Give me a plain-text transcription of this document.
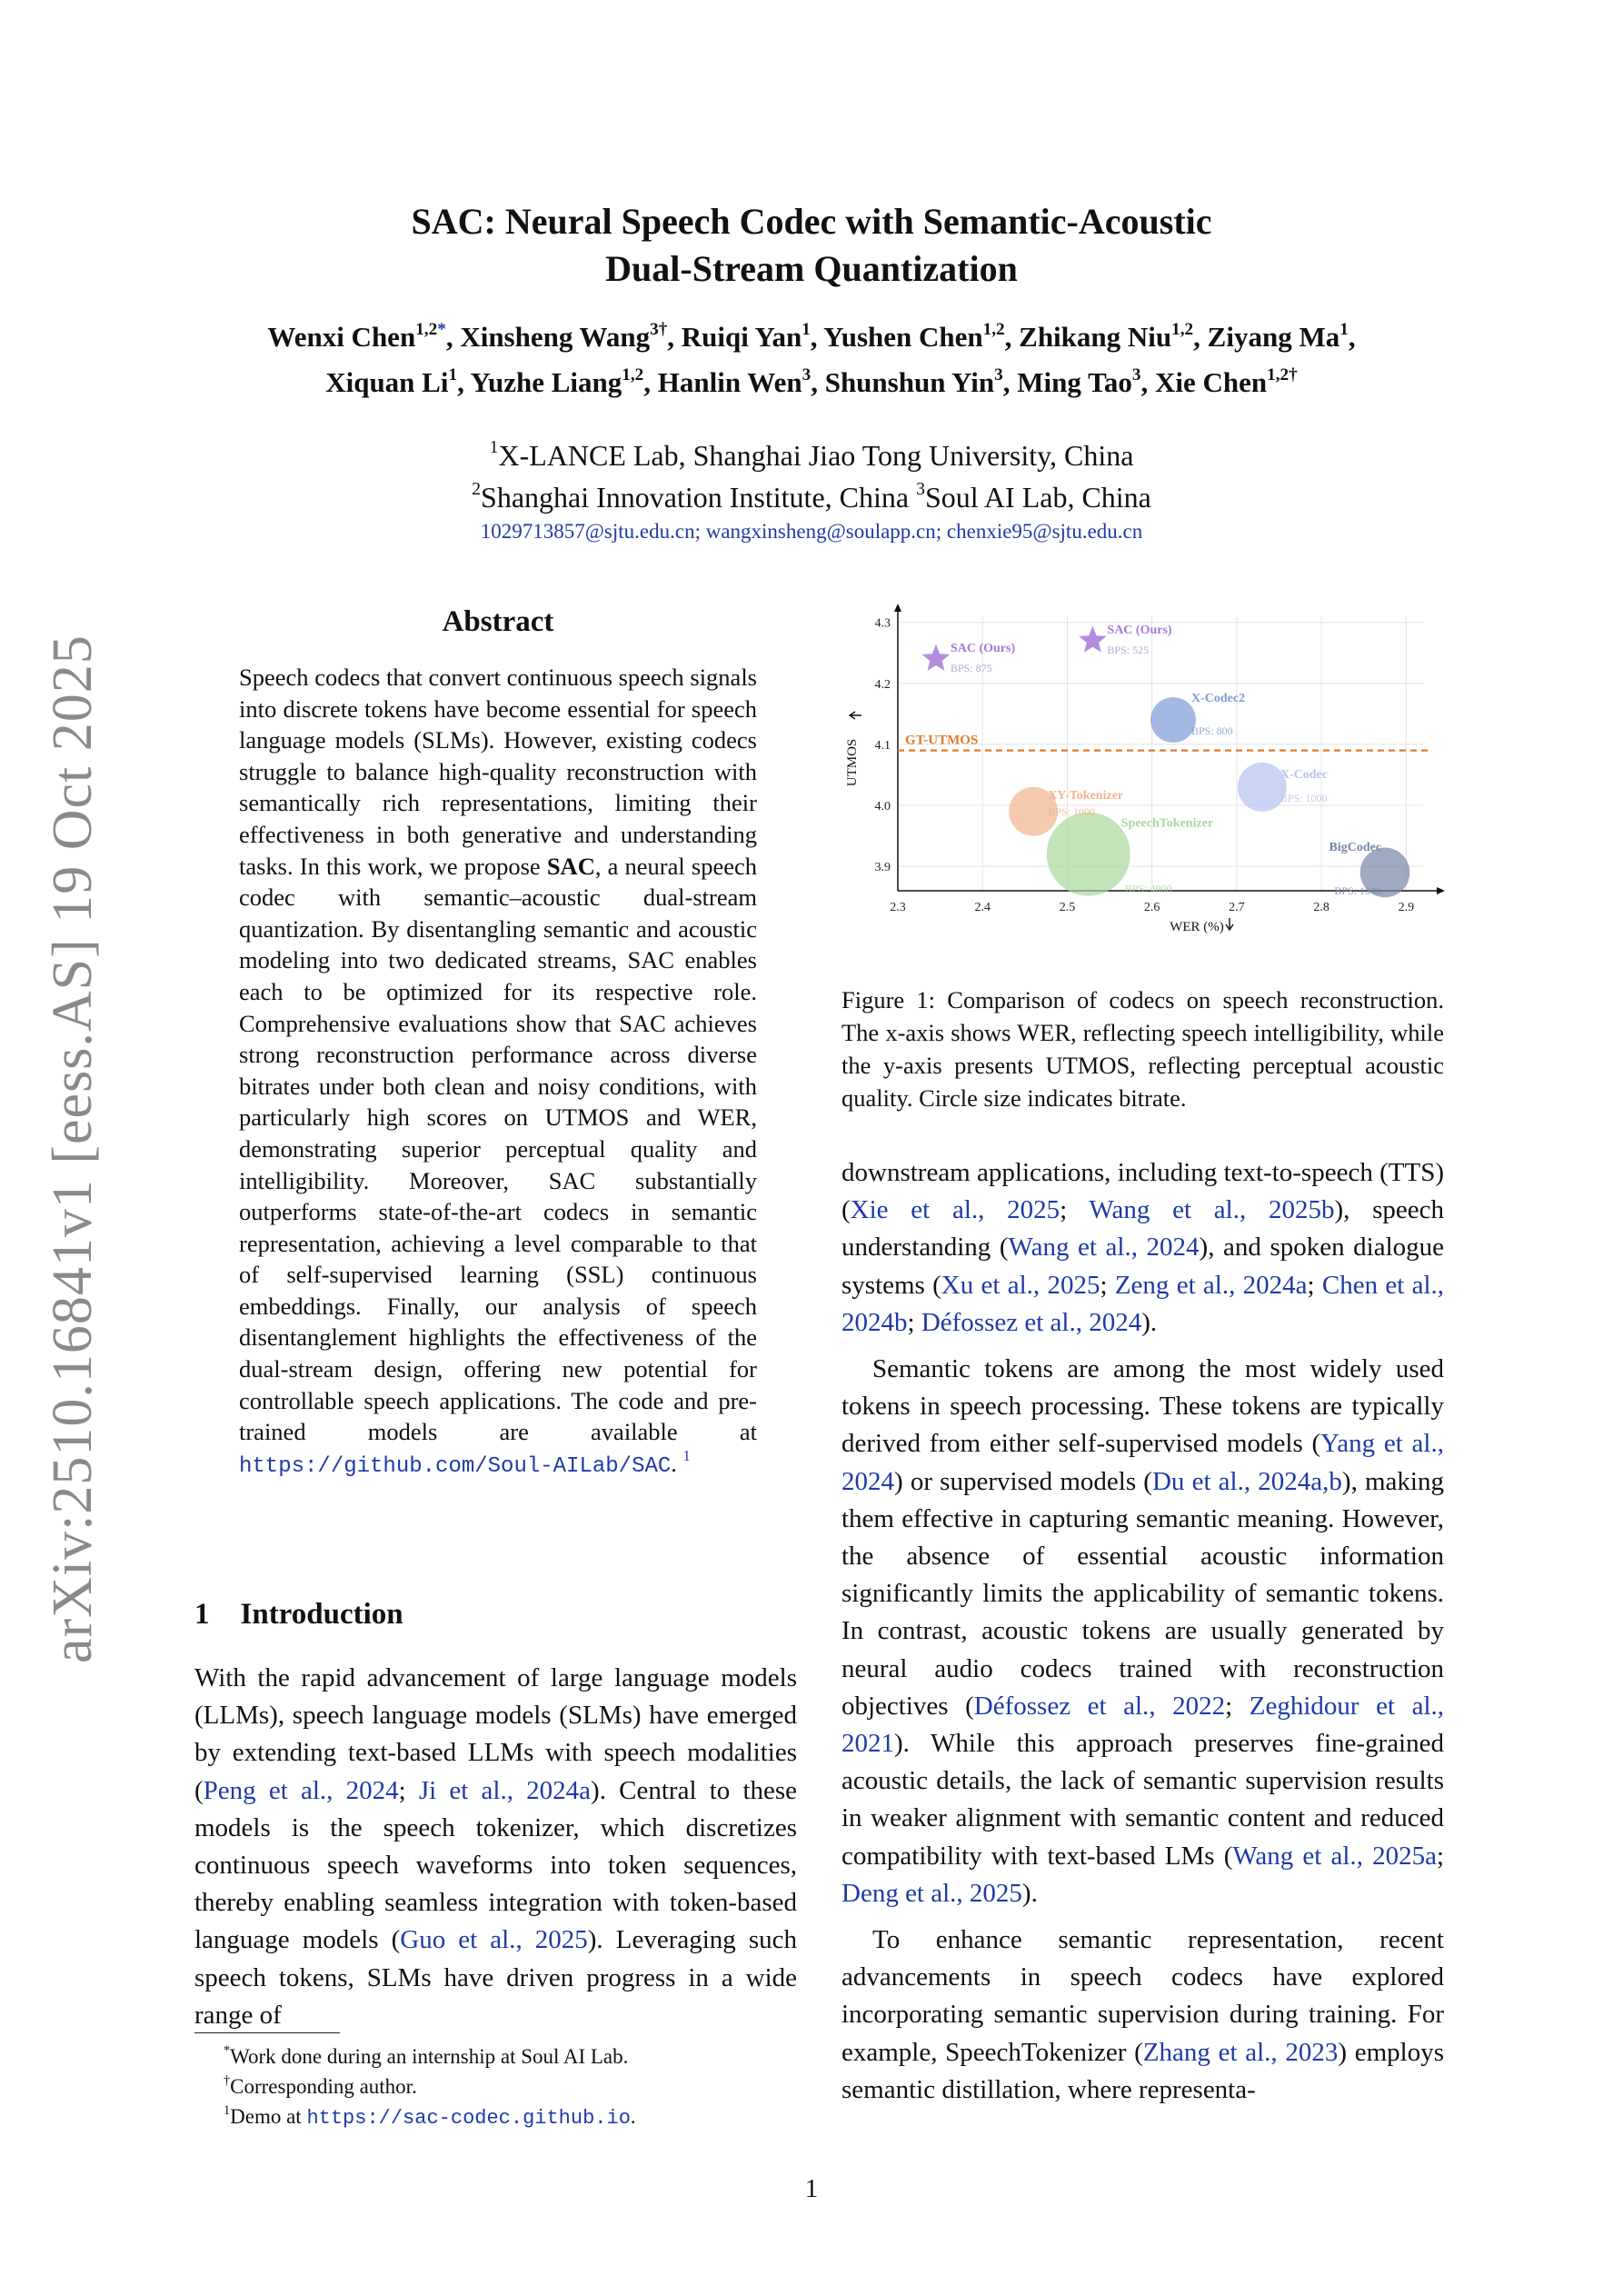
arXiv:2510.16841v1 [eess.AS] 19 Oct 2025
SAC: Neural Speech Codec with Semantic-Acoustic
Dual-Stream Quantization
Wenxi Chen$^{1,2*}$, Xinsheng Wang$^{3\dagger}$, Ruiqi Yan$^1$, Yushen Chen$^{1,2}$, Zhikang Niu$^{1,2}$, Ziyang Ma$^1$,
Xiquan Li$^1$, Yuzhe Liang$^{1,2}$, Hanlin Wen$^3$, Shunshun Yin$^3$, Ming Tao$^3$, Xie Chen$^{1,2\dagger}$
$^1$X-LANCE Lab, Shanghai Jiao Tong University, China
$^2$Shanghai Innovation Institute, China $^3$Soul AI Lab, China
1029713857@sjtu.edu.cn; wangxinsheng@soulapp.cn; chenxie95@sjtu.edu.cn
Abstract
Speech codecs that convert continuous speech signals into discrete tokens have become essential for speech language models (SLMs). However, existing codecs struggle to balance high-quality reconstruction with semantically rich representations, limiting their effectiveness in both generative and understanding tasks. In this work, we propose SAC, a neural speech codec with semantic–acoustic dual-stream quantization. By disentangling semantic and acoustic modeling into two dedicated streams, SAC enables each to be optimized for its respective role. Comprehensive evaluations show that SAC achieves strong reconstruction performance across diverse bitrates under both clean and noisy conditions, with particularly high scores on UTMOS and WER, demonstrating superior perceptual quality and intelligibility. Moreover, SAC substantially outperforms state-of-the-art codecs in semantic representation, achieving a level comparable to that of self-supervised learning (SSL) continuous embeddings. Finally, our analysis of speech disentanglement highlights the effectiveness of the dual-stream design, offering new potential for controllable speech applications. The code and pre-trained models are available at https://github.com/Soul-AILab/SAC. $^1$
1 Introduction
With the rapid advancement of large language models (LLMs), speech language models (SLMs) have emerged by extending text-based LLMs with speech modalities (Peng et al., 2024; Ji et al., 2024a). Central to these models is the speech tokenizer, which discretizes continuous speech waveforms into token sequences, thereby enabling seamless integration with token-based language models (Guo et al., 2025). Leveraging such speech tokens, SLMs have driven progress in a wide range of
*Work done during an internship at Soul AI Lab.
†Corresponding author.
$^1$Demo at https://sac-codec.github.io.
2.3	2.4	2.5	2.6	2.7	2.8	2.9
3.9
4.0
4.1
4.2
4.3
WER (%)
UTMOS	GT-UTMOS
SAC (Ours)
BPS: 875
SAC (Ours)
BPS: 525
X-Codec2
BPS: 800
X-Codec
BPS: 1000
XY-Tokenizer
BPS: 1000
SpeechTokenizer
BPS: 4000
BigCodec
BPS: 1040
Figure 1: Comparison of codecs on speech reconstruction. The x-axis shows WER, reflecting speech intelligibility, while the y-axis presents UTMOS, reflecting perceptual acoustic quality. Circle size indicates bitrate.

downstream applications, including text-to-speech (TTS) (Xie et al., 2025; Wang et al., 2025b), speech understanding (Wang et al., 2024), and spoken dialogue systems (Xu et al., 2025; Zeng et al., 2024a; Chen et al., 2024b; Défossez et al., 2024).

Semantic tokens are among the most widely used tokens in speech processing. These tokens are typically derived from either self-supervised models (Yang et al., 2024) or supervised models (Du et al., 2024a,b), making them effective in capturing semantic meaning. However, the absence of essential acoustic information significantly limits the applicability of semantic tokens. In contrast, acoustic tokens are usually generated by neural audio codecs trained with reconstruction objectives (Défossez et al., 2022; Zeghidour et al., 2021). While this approach preserves fine-grained acoustic details, the lack of semantic supervision results in weaker alignment with semantic content and reduced compatibility with text-based LMs (Wang et al., 2025a; Deng et al., 2025).

To enhance semantic representation, recent advancements in speech codecs have explored incorporating semantic supervision during training. For example, SpeechTokenizer (Zhang et al., 2023) employs semantic distillation, where representa-

1
